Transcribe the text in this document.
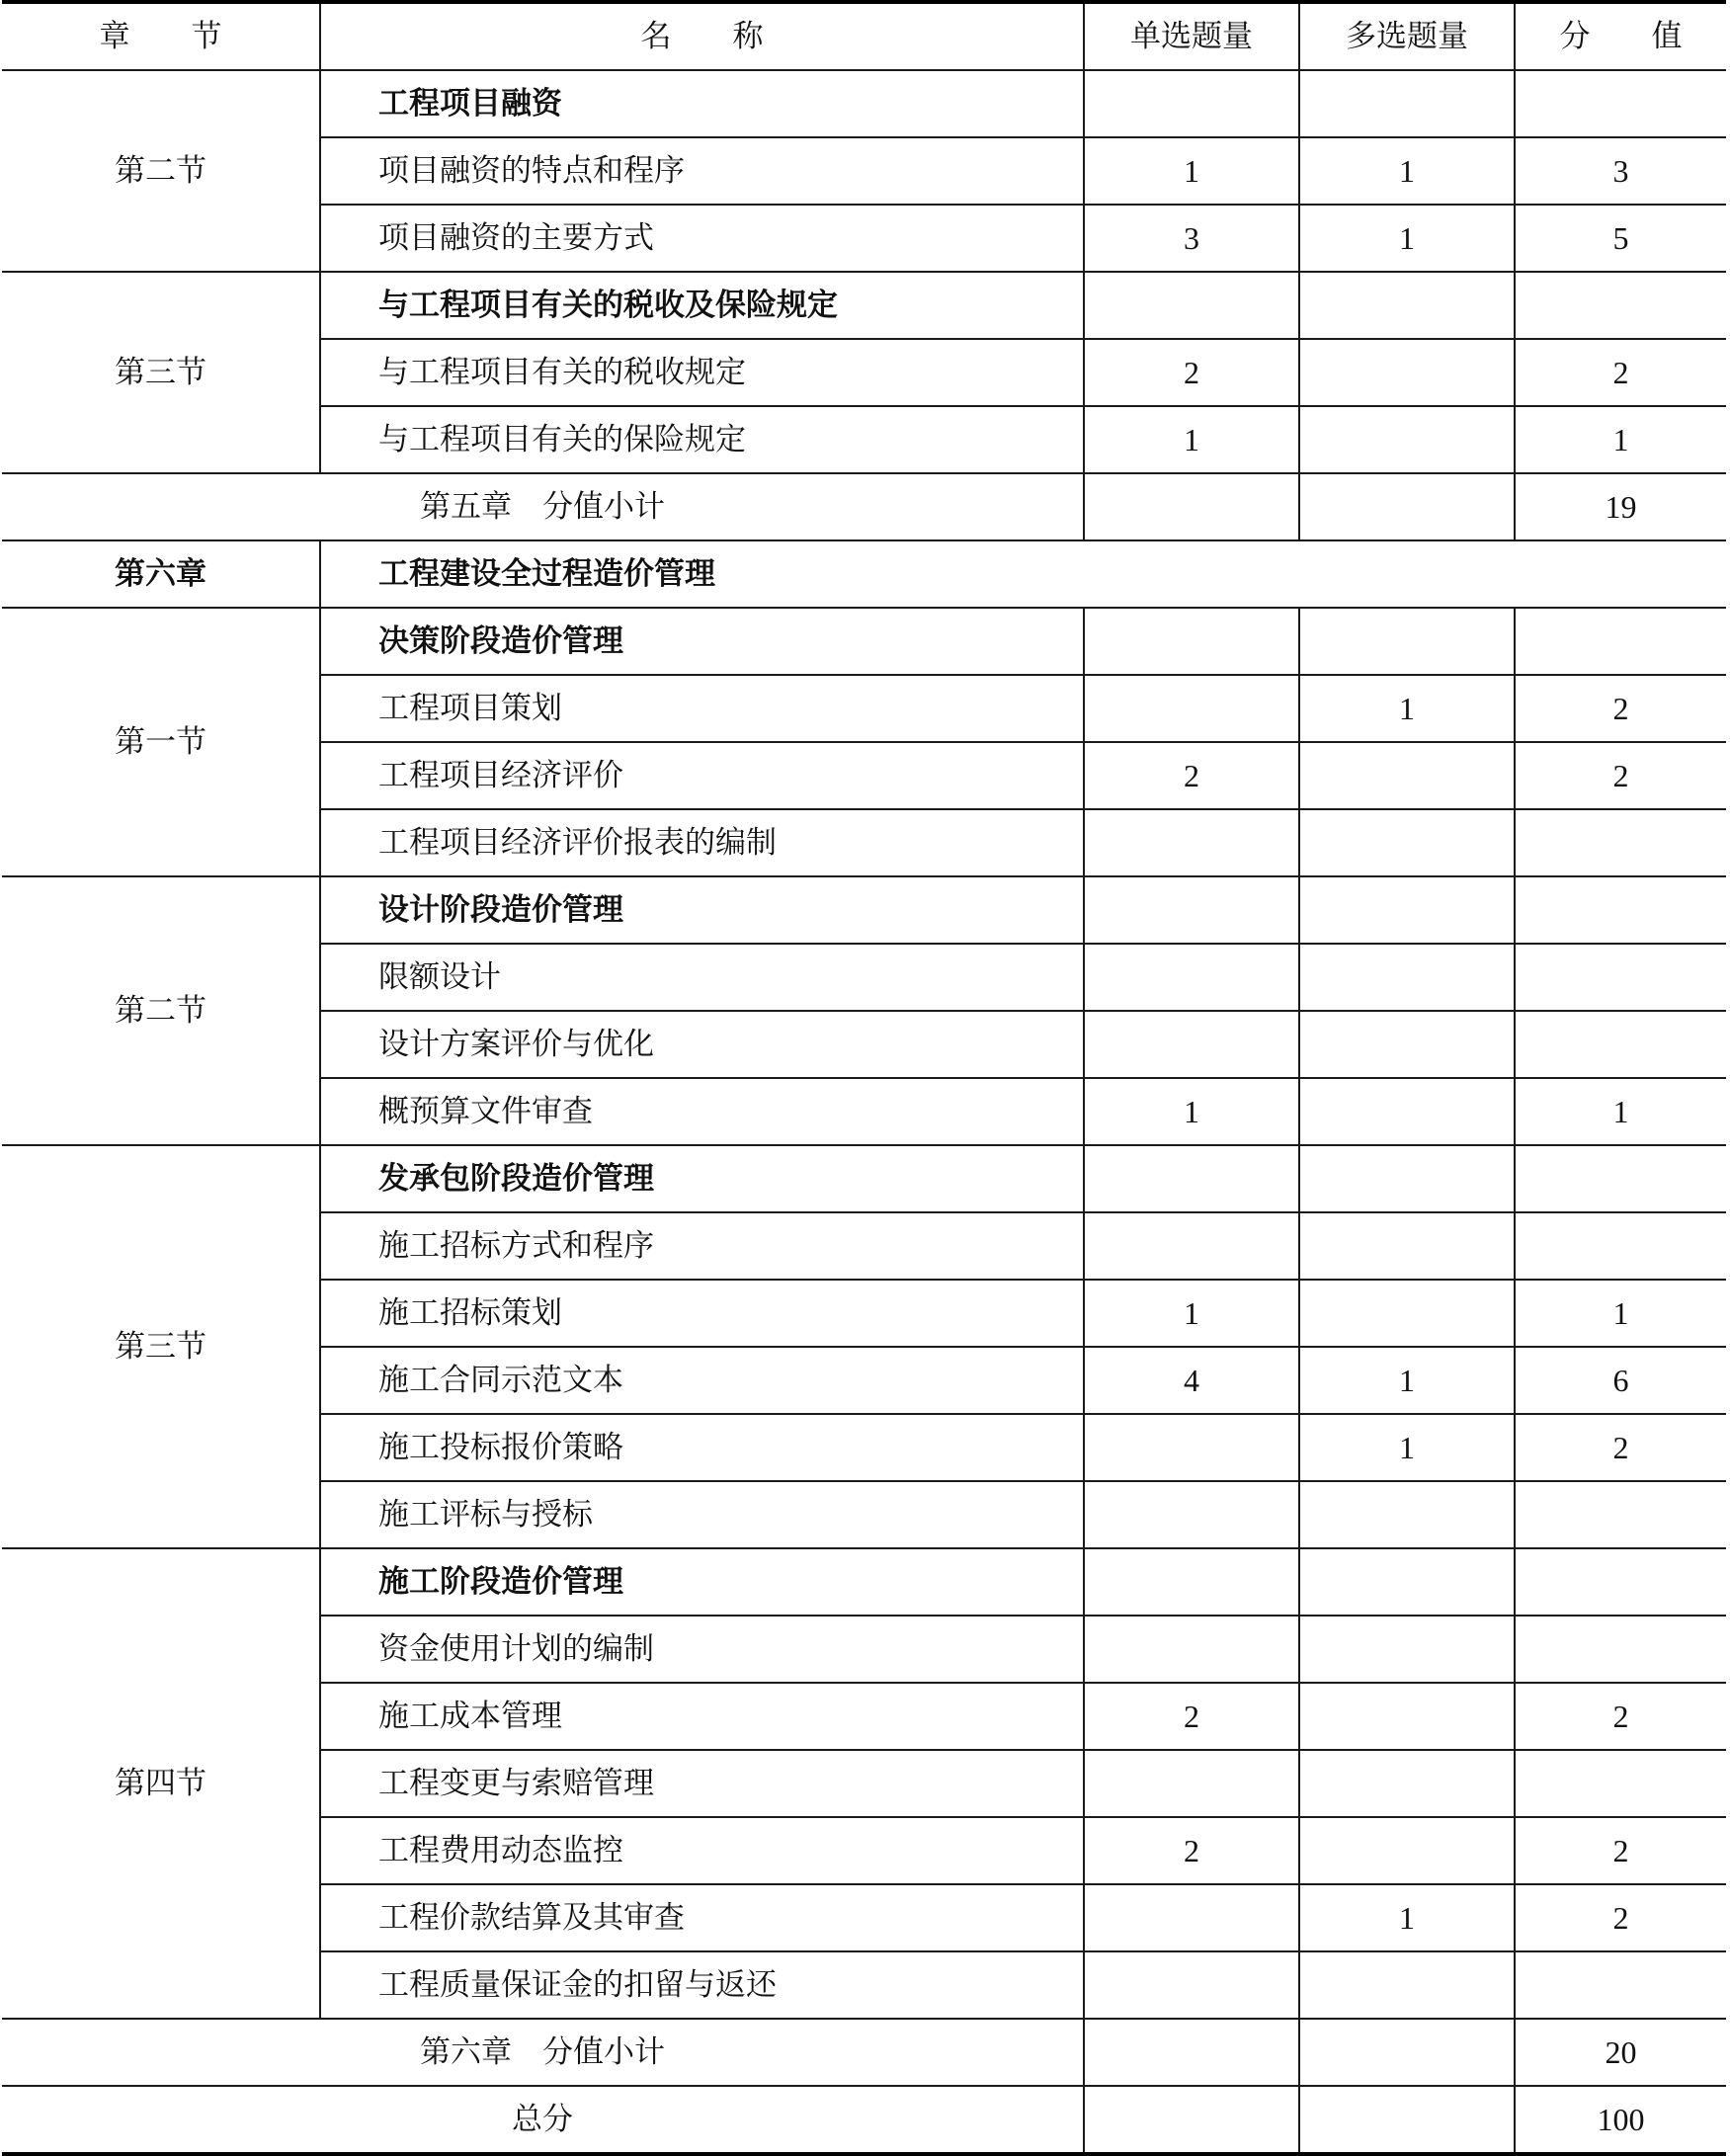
章　　节	名　　称	单选题量	多选题量	分　　值
第二节	工程项目融资			
	项目融资的特点和程序	1	1	3
	项目融资的主要方式	3	1	5
第三节	与工程项目有关的税收及保险规定			
	与工程项目有关的税收规定	2		2
	与工程项目有关的保险规定	1		1
第五章　分值小计				19
第六章	工程建设全过程造价管理			
第一节	决策阶段造价管理			
	工程项目策划		1	2
	工程项目经济评价	2		2
	工程项目经济评价报表的编制			
第二节	设计阶段造价管理			
	限额设计			
	设计方案评价与优化			
	概预算文件审查	1		1
第三节	发承包阶段造价管理			
	施工招标方式和程序			
	施工招标策划	1		1
	施工合同示范文本	4	1	6
	施工投标报价策略		1	2
	施工评标与授标			
第四节	施工阶段造价管理			
	资金使用计划的编制			
	施工成本管理	2		2
	工程变更与索赔管理			
	工程费用动态监控	2		2
	工程价款结算及其审查		1	2
	工程质量保证金的扣留与返还			
第六章　分值小计				20
总分				100
